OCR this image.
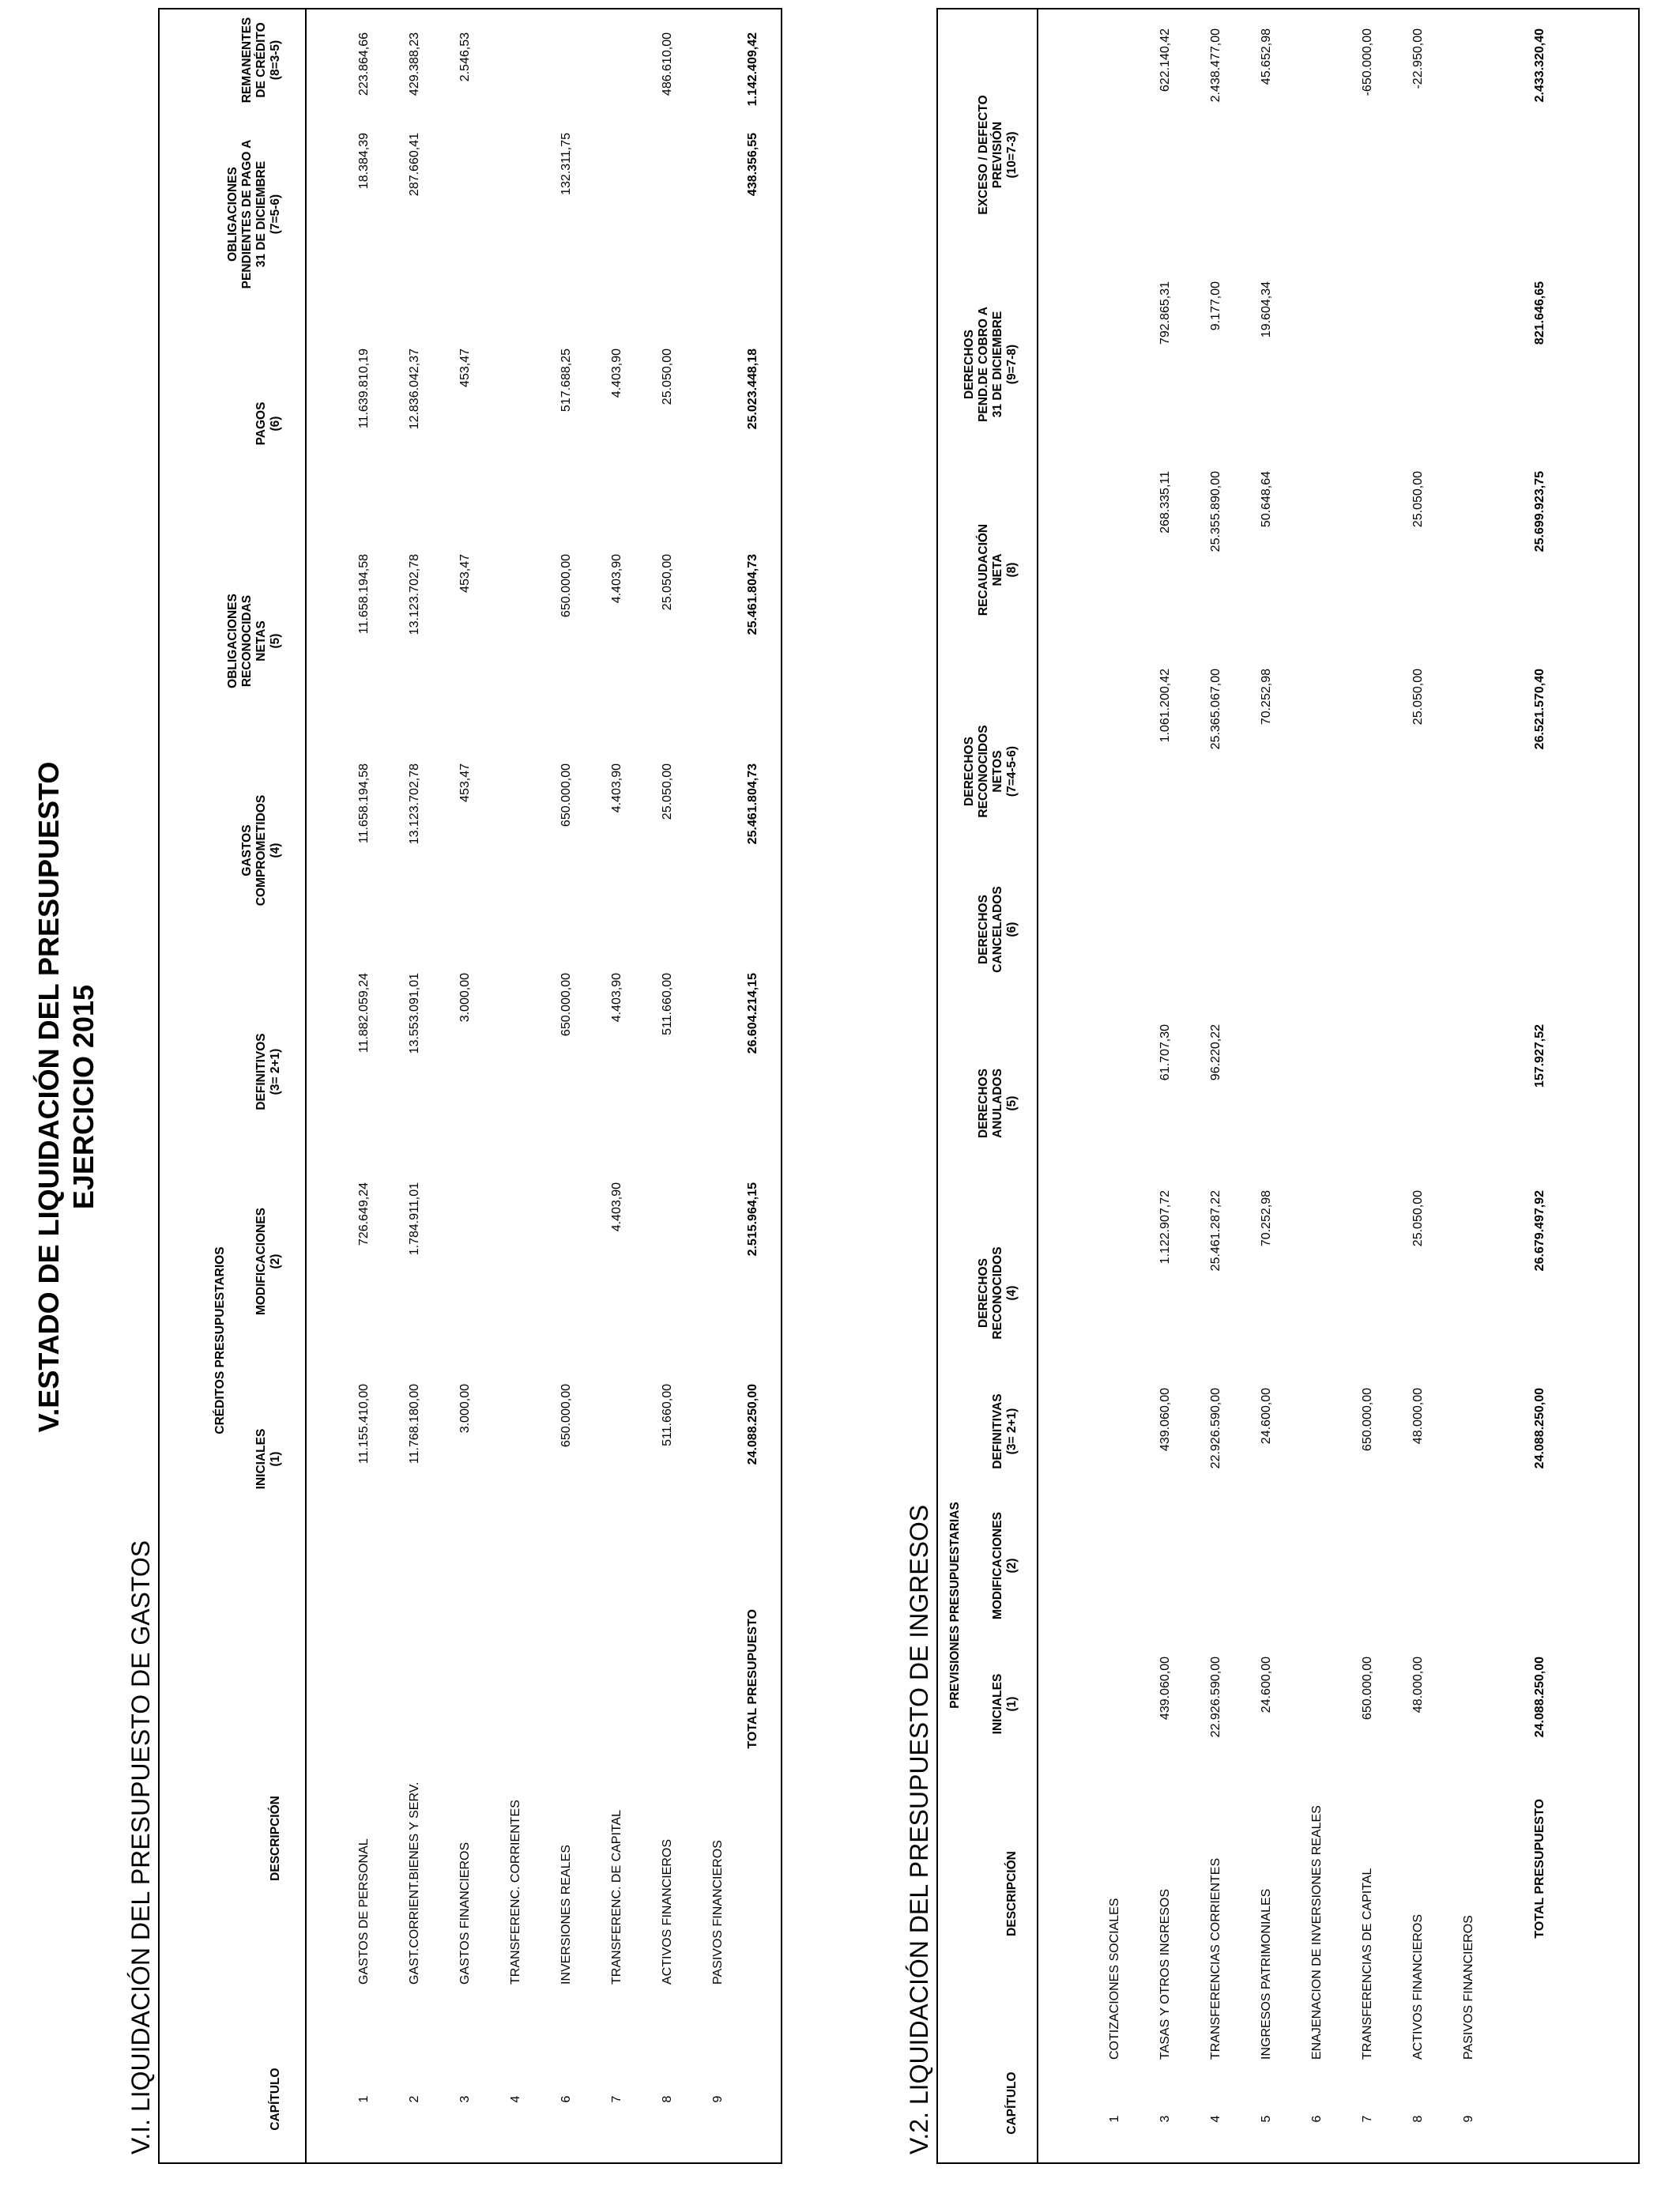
V.ESTADO DE LIQUIDACIÓN DEL PRESUPUESTO EJERCICIO 2015
V.I. LIQUIDACIÓN DEL PRESUPUESTO DE GASTOS	CAPÍTULO
DESCRIPCIÓN
CRÉDITOS PRESUPUESTARIOS
INICIALES (1)
MODIFICACIONES (2)
DEFINITIVOS (3= 2+1)
GASTOS COMPROMETIDOS (4)
OBLIGACIONES RECONOCIDAS NETAS (5)
PAGOS (6)
OBLIGACIONES PENDIENTES DE PAGO A 31 DE DICIEMBRE (7=5-6)
REMANENTES DE CRÉDITO (8=3-5)
1
GASTOS DE PERSONAL
11.155.410,00
726.649,24
11.882.059,24
11.658.194,58
11.658.194,58
11.639.810,19
18.384,39
223.864,66
2
GAST.CORRIENT.BIENES Y SERV.
11.768.180,00
1.784.911,01
13.553.091,01
13.123.702,78
13.123.702,78
12.836.042,37
287.660,41
429.388,23
3
GASTOS FINANCIEROS
3.000,00
3.000,00
453,47
453,47
453,47
2.546,53
4
TRANSFERENC. CORRIENTES
6
INVERSIONES REALES
650.000,00
650.000,00
650.000,00
650.000,00
517.688,25
132.311,75
7
TRANSFERENC. DE CAPITAL
4.403,90
4.403,90
4.403,90
4.403,90
4.403,90
8
ACTIVOS FINANCIEROS
511.660,00
511.660,00
25.050,00
25.050,00
25.050,00
486.610,00
9
PASIVOS FINANCIEROS
TOTAL PRESUPUESTO
24.088.250,00
2.515.964,15
26.604.214,15
25.461.804,73
25.461.804,73
25.023.448,18
438.356,55
1.142.409,42
V.2. LIQUIDACIÓN DEL PRESUPUESTO DE INGRESOS	CAPÍTULO
DESCRIPCIÓN
PREVISIONES PRESUPUESTARIAS INICIALES (1)
MODIFICACIONES (2)
DEFINITIVAS (3= 2+1)
DERECHOS RECONOCIDOS (4)
DERECHOS ANULADOS (5)
DERECHOS CANCELADOS (6)
DERECHOS RECONOCIDOS NETOS (7=4-5-6)
RECAUDACIÓN NETA (8)
DERECHOS PEND.DE COBRO A 31 DE DICIEMBRE (9=7-8)
EXCESO / DEFECTO PREVISIÓN (10=7-3)
1
COTIZACIONES SOCIALES
3
TASAS Y OTROS INGRESOS
439.060,00
439.060,00
1.122.907,72
61.707,30
1.061.200,42
268.335,11
792.865,31
622.140,42
4
TRANSFERENCIAS CORRIENTES
22.926.590,00
22.926.590,00
25.461.287,22
96.220,22
25.365.067,00
25.355.890,00
9.177,00
2.438.477,00
5
INGRESOS PATRIMONIALES
24.600,00
24.600,00
70.252,98
70.252,98
50.648,64
19.604,34
45.652,98
6
ENAJENACION DE INVERSIONES REALES
7
TRANSFERENCIAS DE CAPITAL
650.000,00
650.000,00
-650.000,00
8
ACTIVOS FINANCIEROS
48.000,00
48.000,00
25.050,00
25.050,00
25.050,00
-22.950,00
9
PASIVOS FINANCIEROS
TOTAL PRESUPUESTO
24.088.250,00
24.088.250,00
26.679.497,92
157.927,52
26.521.570,40
25.699.923,75
821.646,65
2.433.320,40
